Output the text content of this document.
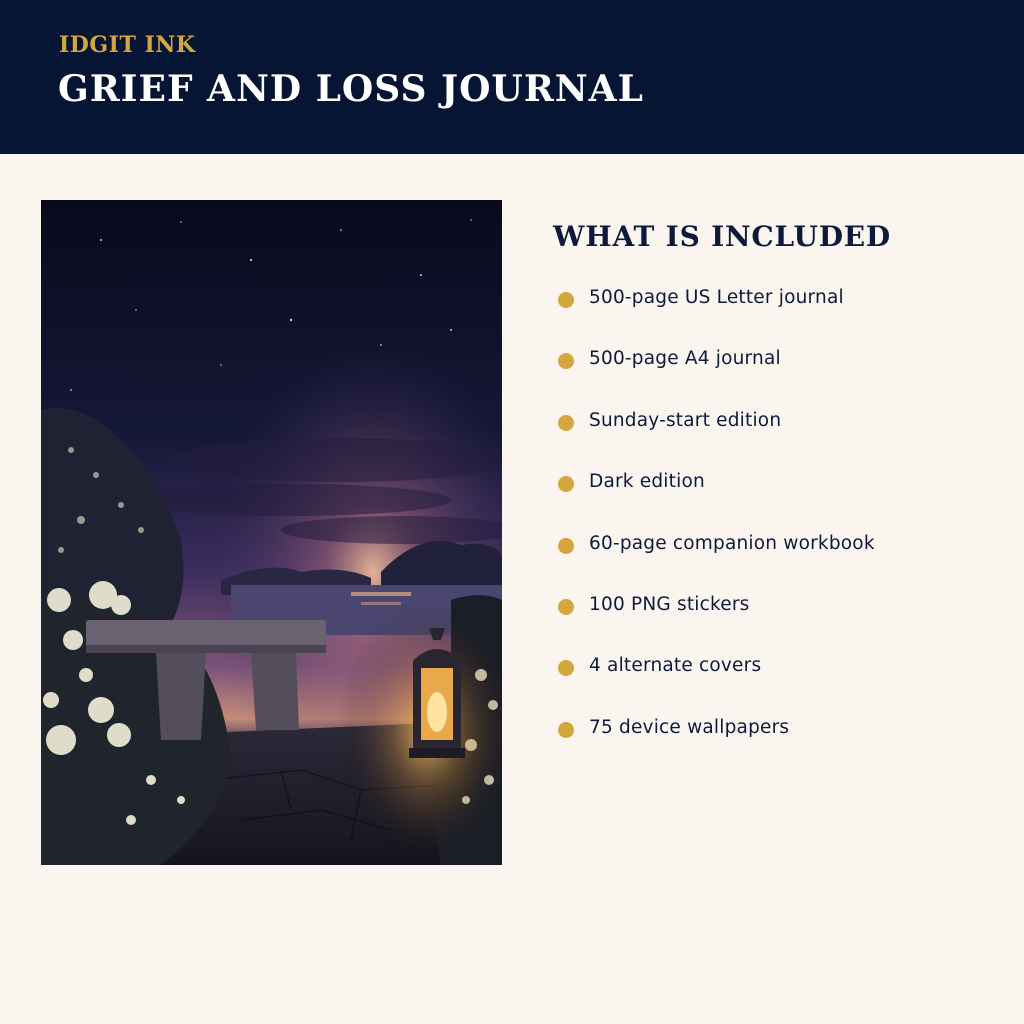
IDGIT INK
GRIEF AND LOSS JOURNAL
WHAT IS INCLUDED
500-page US Letter journal
500-page A4 journal
Sunday-start edition
Dark edition
60-page companion workbook
100 PNG stickers
4 alternate covers
75 device wallpapers
